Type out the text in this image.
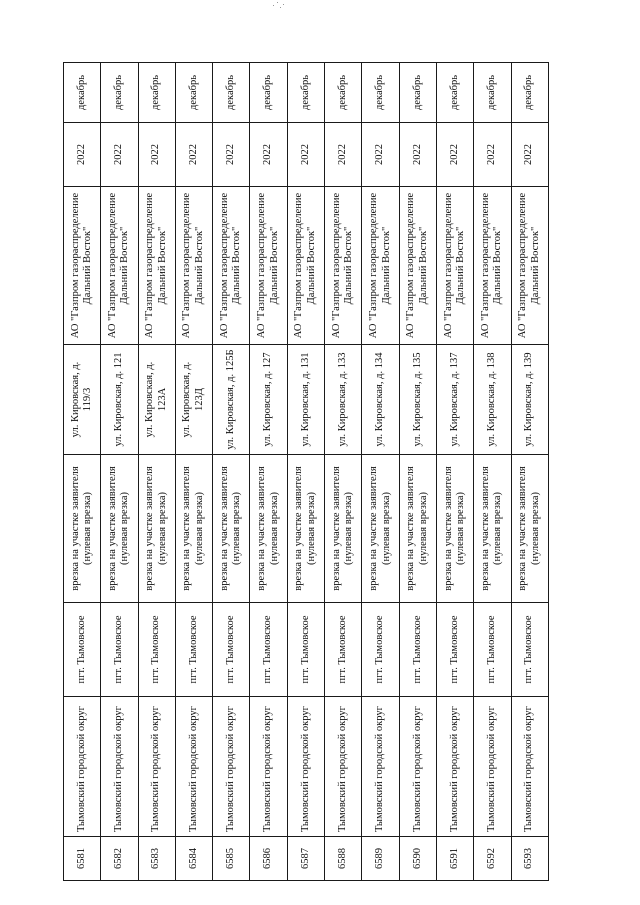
6581	Тымовский городской округ	пгт. Тымовское	врезка на участке заявителя (нулевая врезка)	ул. Кировская, д. 119/3	АО "Газпром газораспределение Дальний Восток"	2022	декабрь
6582	Тымовский городской округ	пгт. Тымовское	врезка на участке заявителя (нулевая врезка)	ул. Кировская, д. 121	АО "Газпром газораспределение Дальний Восток"	2022	декабрь
6583	Тымовский городской округ	пгт. Тымовское	врезка на участке заявителя (нулевая врезка)	ул. Кировская, д. 123А	АО "Газпром газораспределение Дальний Восток"	2022	декабрь
6584	Тымовский городской округ	пгт. Тымовское	врезка на участке заявителя (нулевая врезка)	ул. Кировская, д. 123Д	АО "Газпром газораспределение Дальний Восток"	2022	декабрь
6585	Тымовский городской округ	пгт. Тымовское	врезка на участке заявителя (нулевая врезка)	ул. Кировская, д. 125Б	АО "Газпром газораспределение Дальний Восток"	2022	декабрь
6586	Тымовский городской округ	пгт. Тымовское	врезка на участке заявителя (нулевая врезка)	ул. Кировская, д. 127	АО "Газпром газораспределение Дальний Восток"	2022	декабрь
6587	Тымовский городской округ	пгт. Тымовское	врезка на участке заявителя (нулевая врезка)	ул. Кировская, д. 131	АО "Газпром газораспределение Дальний Восток"	2022	декабрь
6588	Тымовский городской округ	пгт. Тымовское	врезка на участке заявителя (нулевая врезка)	ул. Кировская, д. 133	АО "Газпром газораспределение Дальний Восток"	2022	декабрь
6589	Тымовский городской округ	пгт. Тымовское	врезка на участке заявителя (нулевая врезка)	ул. Кировская, д. 134	АО "Газпром газораспределение Дальний Восток"	2022	декабрь
6590	Тымовский городской округ	пгт. Тымовское	врезка на участке заявителя (нулевая врезка)	ул. Кировская, д. 135	АО "Газпром газораспределение Дальний Восток"	2022	декабрь
6591	Тымовский городской округ	пгт. Тымовское	врезка на участке заявителя (нулевая врезка)	ул. Кировская, д. 137	АО "Газпром газораспределение Дальний Восток"	2022	декабрь
6592	Тымовский городской округ	пгт. Тымовское	врезка на участке заявителя (нулевая врезка)	ул. Кировская, д. 138	АО "Газпром газораспределение Дальний Восток"	2022	декабрь
6593	Тымовский городской округ	пгт. Тымовское	врезка на участке заявителя (нулевая врезка)	ул. Кировская, д. 139	АО "Газпром газораспределение Дальний Восток"	2022	декабрь
